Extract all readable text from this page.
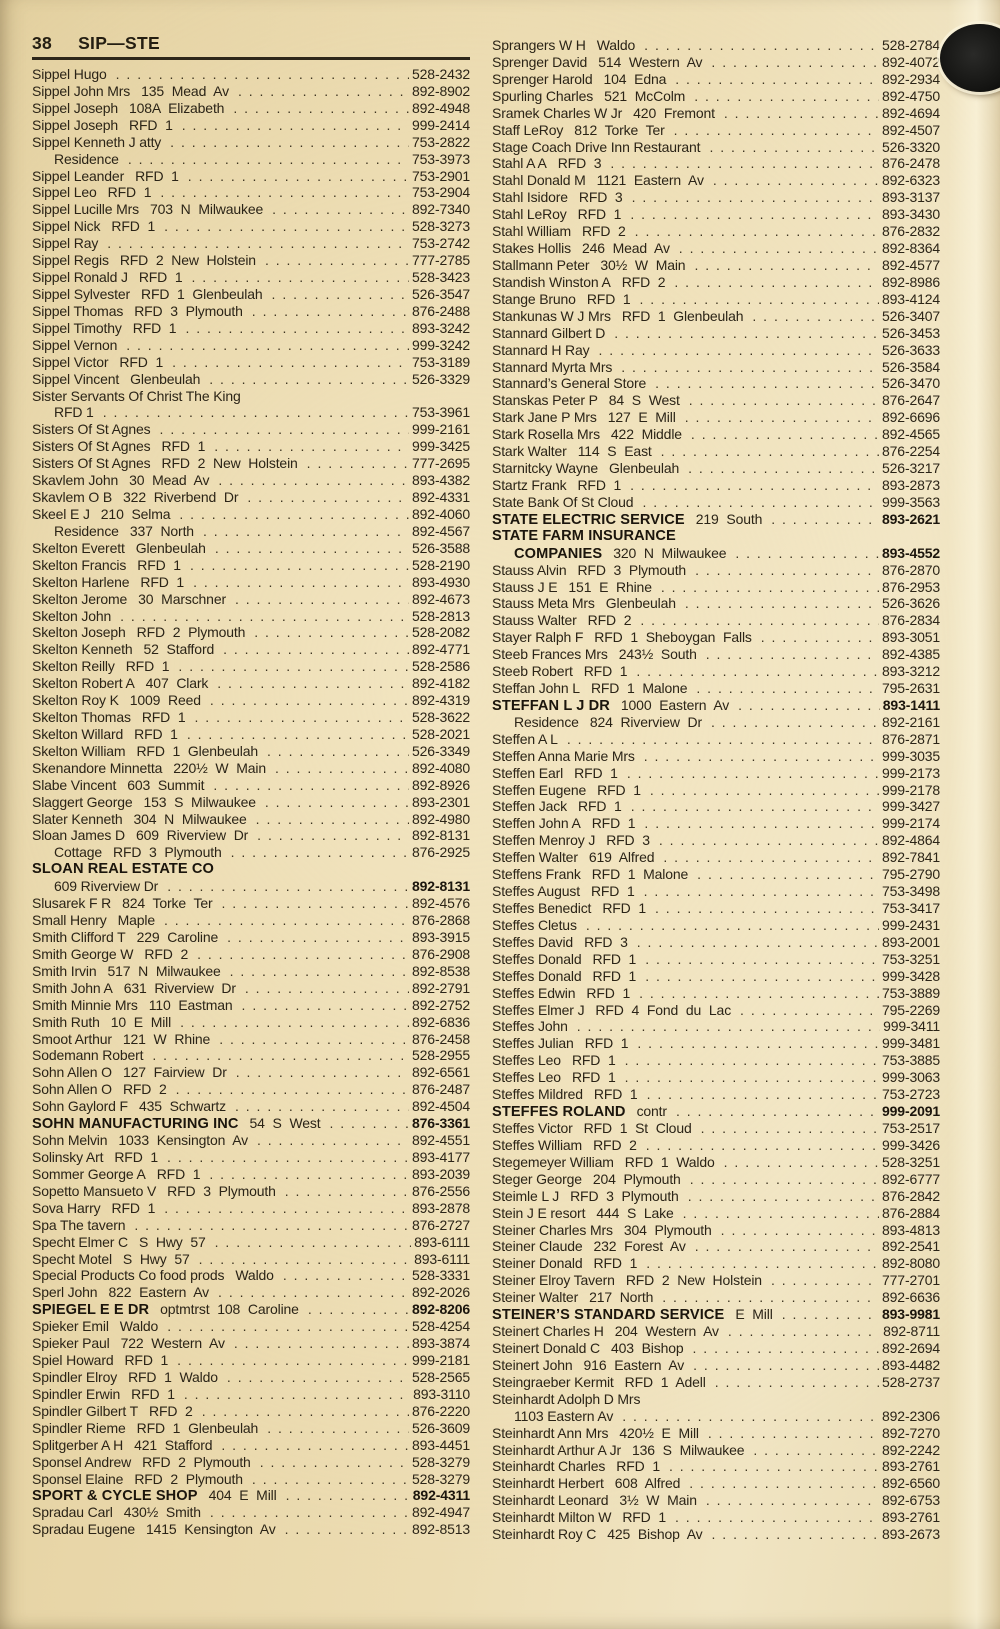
38 SIP—STE
Sippel Hugo . . .	528-2432
Sippel John Mrs 135 Mead Av . . .	892-8902
Sippel Joseph 108A Elizabeth . . .	892-4948
Sippel Joseph RFD 1 . . .	999-2414
Sippel Kenneth J atty . . .	753-2822
Residence . . .	753-3973
Sippel Leander RFD 1 . . .	753-2901
Sippel Leo RFD 1 . . .	753-2904
Sippel Lucille Mrs 703 N Milwaukee . . .	892-7340
Sippel Nick RFD 1 . . .	528-3273
Sippel Ray . . .	753-2742
Sippel Regis RFD 2 New Holstein . . .	777-2785
Sippel Ronald J RFD 1 . . .	528-3423
Sippel Sylvester RFD 1 Glenbeulah . . .	526-3547
Sippel Thomas RFD 3 Plymouth . . .	876-2488
Sippel Timothy RFD 1 . . .	893-3242
Sippel Vernon . . .	999-3242
Sippel Victor RFD 1 . . .	753-3189
Sippel Vincent Glenbeulah . . .	526-3329
Sister Servants Of Christ The King
RFD 1 . . .	753-3961
Sisters Of St Agnes . . .	999-2161
Sisters Of St Agnes RFD 1 . . .	999-3425
Sisters Of St Agnes RFD 2 New Holstein . . .	777-2695
Skavlem John 30 Mead Av . . .	893-4382
Skavlem O B 322 Riverbend Dr . . .	892-4331
Skeel E J 210 Selma . . .	892-4060
Residence 337 North . . .	892-4567
Skelton Everett Glenbeulah . . .	526-3588
Skelton Francis RFD 1 . . .	528-2190
Skelton Harlene RFD 1 . . .	893-4930
Skelton Jerome 30 Marschner . . .	892-4673
Skelton John . . .	528-2813
Skelton Joseph RFD 2 Plymouth . . .	528-2082
Skelton Kenneth 52 Stafford . . .	892-4771
Skelton Reilly RFD 1 . . .	528-2586
Skelton Robert A 407 Clark . . .	892-4182
Skelton Roy K 1009 Reed . . .	892-4319
Skelton Thomas RFD 1 . . .	528-3622
Skelton Willard RFD 1 . . .	528-2021
Skelton William RFD 1 Glenbeulah . . .	526-3349
Skenandore Minnetta 220½ W Main . . .	892-4080
Slabe Vincent 603 Summit . . .	892-8926
Slaggert George 153 S Milwaukee . . .	893-2301
Slater Kenneth 304 N Milwaukee . . .	892-4980
Sloan James D 609 Riverview Dr . . .	892-8131
Cottage RFD 3 Plymouth . . .	876-2925
SLOAN REAL ESTATE CO
609 Riverview Dr . . .	892-8131
Slusarek F R 824 Torke Ter . . .	892-4576
Small Henry Maple . . .	876-2868
Smith Clifford T 229 Caroline . . .	893-3915
Smith George W RFD 2 . . .	876-2908
Smith Irvin 517 N Milwaukee . . .	892-8538
Smith John A 631 Riverview Dr . . .	892-2791
Smith Minnie Mrs 110 Eastman . . .	892-2752
Smith Ruth 10 E Mill . . .	892-6836
Smoot Arthur 121 W Rhine . . .	876-2458
Sodemann Robert . . .	528-2955
Sohn Allen O 127 Fairview Dr . . .	892-6561
Sohn Allen O RFD 2 . . .	876-2487
Sohn Gaylord F 435 Schwartz . . .	892-4504
SOHN MANUFACTURING INC 54 S West . . .	876-3361
Sohn Melvin 1033 Kensington Av . . .	892-4551
Solinsky Art RFD 1 . . .	893-4177
Sommer George A RFD 1 . . .	893-2039
Sopetto Mansueto V RFD 3 Plymouth . . .	876-2556
Sova Harry RFD 1 . . .	893-2878
Spa The tavern . . .	876-2727
Specht Elmer C S Hwy 57 . . .	893-6111
Specht Motel S Hwy 57 . . .	893-6111
Special Products Co food prods Waldo . . .	528-3331
Sperl John 822 Eastern Av . . .	892-2026
SPIEGEL E E DR optmtrst 108 Caroline . . .	892-8206
Spieker Emil Waldo . . .	528-4254
Spieker Paul 722 Western Av . . .	893-3874
Spiel Howard RFD 1 . . .	999-2181
Spindler Elroy RFD 1 Waldo . . .	528-2565
Spindler Erwin RFD 1 . . .	893-3110
Spindler Gilbert T RFD 2 . . .	876-2220
Spindler Rieme RFD 1 Glenbeulah . . .	526-3609
Splitgerber A H 421 Stafford . . .	893-4451
Sponsel Andrew RFD 2 Plymouth . . .	528-3279
Sponsel Elaine RFD 2 Plymouth . . .	528-3279
SPORT & CYCLE SHOP 404 E Mill . . .	892-4311
Spradau Carl 430½ Smith . . .	892-4947
Spradau Eugene 1415 Kensington Av . . .	892-8513
Sprangers W H Waldo . . .	528-2784
Sprenger David 514 Western Av . . .	892-4072
Sprenger Harold 104 Edna . . .	892-2934
Spurling Charles 521 McColm . . .	892-4750
Sramek Charles W Jr 420 Fremont . . .	892-4694
Staff LeRoy 812 Torke Ter . . .	892-4507
Stage Coach Drive Inn Restaurant . . .	526-3320
Stahl A A RFD 3 . . .	876-2478
Stahl Donald M 1121 Eastern Av . . .	892-6323
Stahl Isidore RFD 3 . . .	893-3137
Stahl LeRoy RFD 1 . . .	893-3430
Stahl William RFD 2 . . .	876-2832
Stakes Hollis 246 Mead Av . . .	892-8364
Stallmann Peter 30½ W Main . . .	892-4577
Standish Winston A RFD 2 . . .	892-8986
Stange Bruno RFD 1 . . .	893-4124
Stankunas W J Mrs RFD 1 Glenbeulah . . .	526-3407
Stannard Gilbert D . . .	526-3453
Stannard H Ray . . .	526-3633
Stannard Myrta Mrs . . .	526-3584
Stannard’s General Store . . .	526-3470
Stanskas Peter P 84 S West . . .	876-2647
Stark Jane P Mrs 127 E Mill . . .	892-6696
Stark Rosella Mrs 422 Middle . . .	892-4565
Stark Walter 114 S East . . .	876-2254
Starnitcky Wayne Glenbeulah . . .	526-3217
Startz Frank RFD 1 . . .	893-2873
State Bank Of St Cloud . . .	999-3563
STATE ELECTRIC SERVICE 219 South . . .	893-2621
STATE FARM INSURANCE
COMPANIES 320 N Milwaukee . . .	893-4552
Stauss Alvin RFD 3 Plymouth . . .	876-2870
Stauss J E 151 E Rhine . . .	876-2953
Stauss Meta Mrs Glenbeulah . . .	526-3626
Stauss Walter RFD 2 . . .	876-2834
Stayer Ralph F RFD 1 Sheboygan Falls . . .	893-3051
Steeb Frances Mrs 243½ South . . .	892-4385
Steeb Robert RFD 1 . . .	893-3212
Steffan John L RFD 1 Malone . . .	795-2631
STEFFAN L J DR 1000 Eastern Av . . .	893-1411
Residence 824 Riverview Dr . . .	892-2161
Steffen A L . . .	876-2871
Steffen Anna Marie Mrs . . .	999-3035
Steffen Earl RFD 1 . . .	999-2173
Steffen Eugene RFD 1 . . .	999-2178
Steffen Jack RFD 1 . . .	999-3427
Steffen John A RFD 1 . . .	999-2174
Steffen Menroy J RFD 3 . . .	892-4864
Steffen Walter 619 Alfred . . .	892-7841
Steffens Frank RFD 1 Malone . . .	795-2790
Steffes August RFD 1 . . .	753-3498
Steffes Benedict RFD 1 . . .	753-3417
Steffes Cletus . . .	999-2431
Steffes David RFD 3 . . .	893-2001
Steffes Donald RFD 1 . . .	753-3251
Steffes Donald RFD 1 . . .	999-3428
Steffes Edwin RFD 1 . . .	753-3889
Steffes Elmer J RFD 4 Fond du Lac . . .	795-2269
Steffes John . . .	999-3411
Steffes Julian RFD 1 . . .	999-3481
Steffes Leo RFD 1 . . .	753-3885
Steffes Leo RFD 1 . . .	999-3063
Steffes Mildred RFD 1 . . .	753-2723
STEFFES ROLAND contr . . .	999-2091
Steffes Victor RFD 1 St Cloud . . .	753-2517
Steffes William RFD 2 . . .	999-3426
Stegemeyer William RFD 1 Waldo . . .	528-3251
Steger George 204 Plymouth . . .	892-6777
Steimle L J RFD 3 Plymouth . . .	876-2842
Stein J E resort 444 S Lake . . .	876-2884
Steiner Charles Mrs 304 Plymouth . . .	893-4813
Steiner Claude 232 Forest Av . . .	892-2541
Steiner Donald RFD 1 . . .	892-8080
Steiner Elroy Tavern RFD 2 New Holstein . . .	777-2701
Steiner Walter 217 North . . .	892-6636
STEINER’S STANDARD SERVICE E Mill . . .	893-9981
Steinert Charles H 204 Western Av . . .	892-8711
Steinert Donald C 403 Bishop . . .	892-2694
Steinert John 916 Eastern Av . . .	893-4482
Steingraeber Kermit RFD 1 Adell . . .	528-2737
Steinhardt Adolph D Mrs
1103 Eastern Av . . .	892-2306
Steinhardt Ann Mrs 420½ E Mill . . .	892-7270
Steinhardt Arthur A Jr 136 S Milwaukee . . .	892-2242
Steinhardt Charles RFD 1 . . .	893-2761
Steinhardt Herbert 608 Alfred . . .	892-6560
Steinhardt Leonard 3½ W Main . . .	892-6753
Steinhardt Milton W RFD 1 . . .	893-2761
Steinhardt Roy C 425 Bishop Av . . .	893-2673
